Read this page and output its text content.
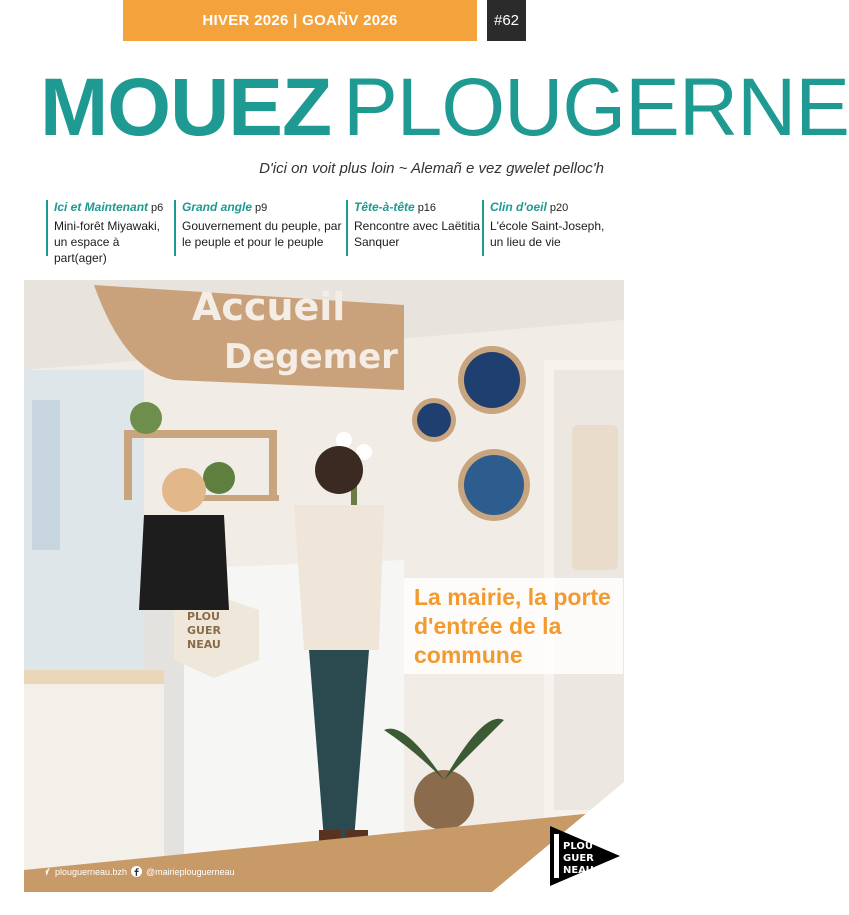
HIVER 2026 | GOAÑV 2026	#62
MOUEZ PLOUGERNE
D'ici on voit plus loin ~ Alemañ e vez gwelet pelloc'h
Ici et Maintenant p6
Mini-forêt Miyawaki, un espace à part(ager)
Grand angle p9
Gouvernement du peuple, par le peuple et pour le peuple
Tête-à-tête p16
Rencontre avec Laëtitia Sanquer
Clin d'oeil p20
L'école Saint-Joseph, un lieu de vie
Accueil
Degemer
PLOU
GUER
NEAU
La mairie, la porte d'entrée de la commune
plouguerneau.bzh @mairieplouguerneau
PLOU
GUER
NEAU
